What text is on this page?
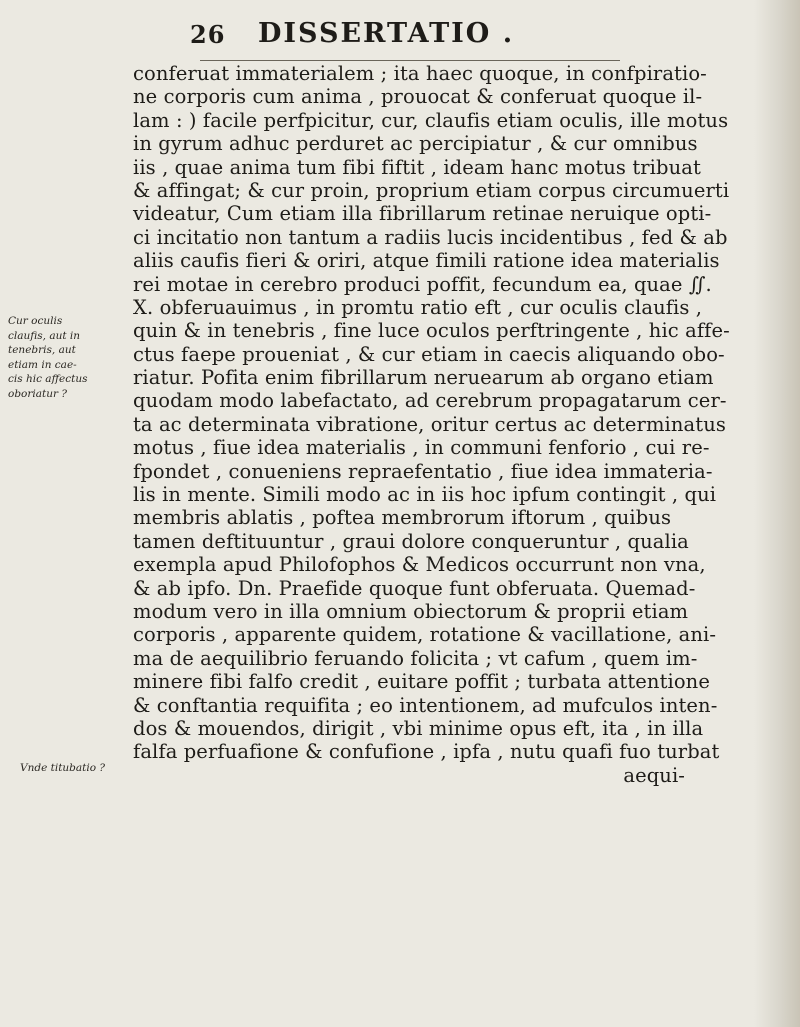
26 DISSERTATIO .
Cur oculis
claufis, aut in
tenebris, aut
etiam in cae-
cis hic affectus
oboriatur ?
Vnde titubatio ?
conferuat immaterialem ; ita haec quoque, in confpiratio-
ne corporis cum anima , prouocat & conferuat quoque il-
lam : ) facile perfpicitur, cur, claufis etiam oculis, ille motus
in gyrum adhuc perduret ac percipiatur , & cur omnibus
iis , quae anima tum fibi fiftit , ideam hanc motus tribuat
& affingat; & cur proin, proprium etiam corpus circumuerti
videatur, Cum etiam illa fibrillarum retinae neruique opti-
ci incitatio non tantum a radiis lucis incidentibus , fed & ab
aliis caufis fieri & oriri, atque fimili ratione idea materialis
rei motae in cerebro produci poffit, fecundum ea, quae ∬.
X. obferuauimus , in promtu ratio eft , cur oculis claufis ,
quin & in tenebris , fine luce oculos perftringente , hic affe-
ctus faepe proueniat , & cur etiam in caecis aliquando obo-
riatur. Pofita enim fibrillarum neruearum ab organo etiam
quodam modo labefactato, ad cerebrum propagatarum cer-
ta ac determinata vibratione, oritur certus ac determinatus
motus , fiue idea materialis , in communi fenforio , cui re-
fpondet , conueniens repraefentatio , fiue idea immateria-
lis in mente. Simili modo ac in iis hoc ipfum contingit , qui
membris ablatis , poftea membrorum iftorum , quibus
tamen deftituuntur , graui dolore conqueruntur , qualia
exempla apud Philofophos & Medicos occurrunt non vna,
& ab ipfo. Dn. Praefide quoque funt obferuata. Quemad-
modum vero in illa omnium obiectorum & proprii etiam
corporis , apparente quidem, rotatione & vacillatione, ani-
ma de aequilibrio feruando folicita ; vt cafum , quem im-
minere fibi falfo credit , euitare poffit ; turbata attentione
& conftantia requifita ; eo intentionem, ad mufculos inten-
dos & mouendos, dirigit , vbi minime opus eft, ita , in illa
falfa perfuafione & confufione , ipfa , nutu quafi fuo turbat
aequi-
